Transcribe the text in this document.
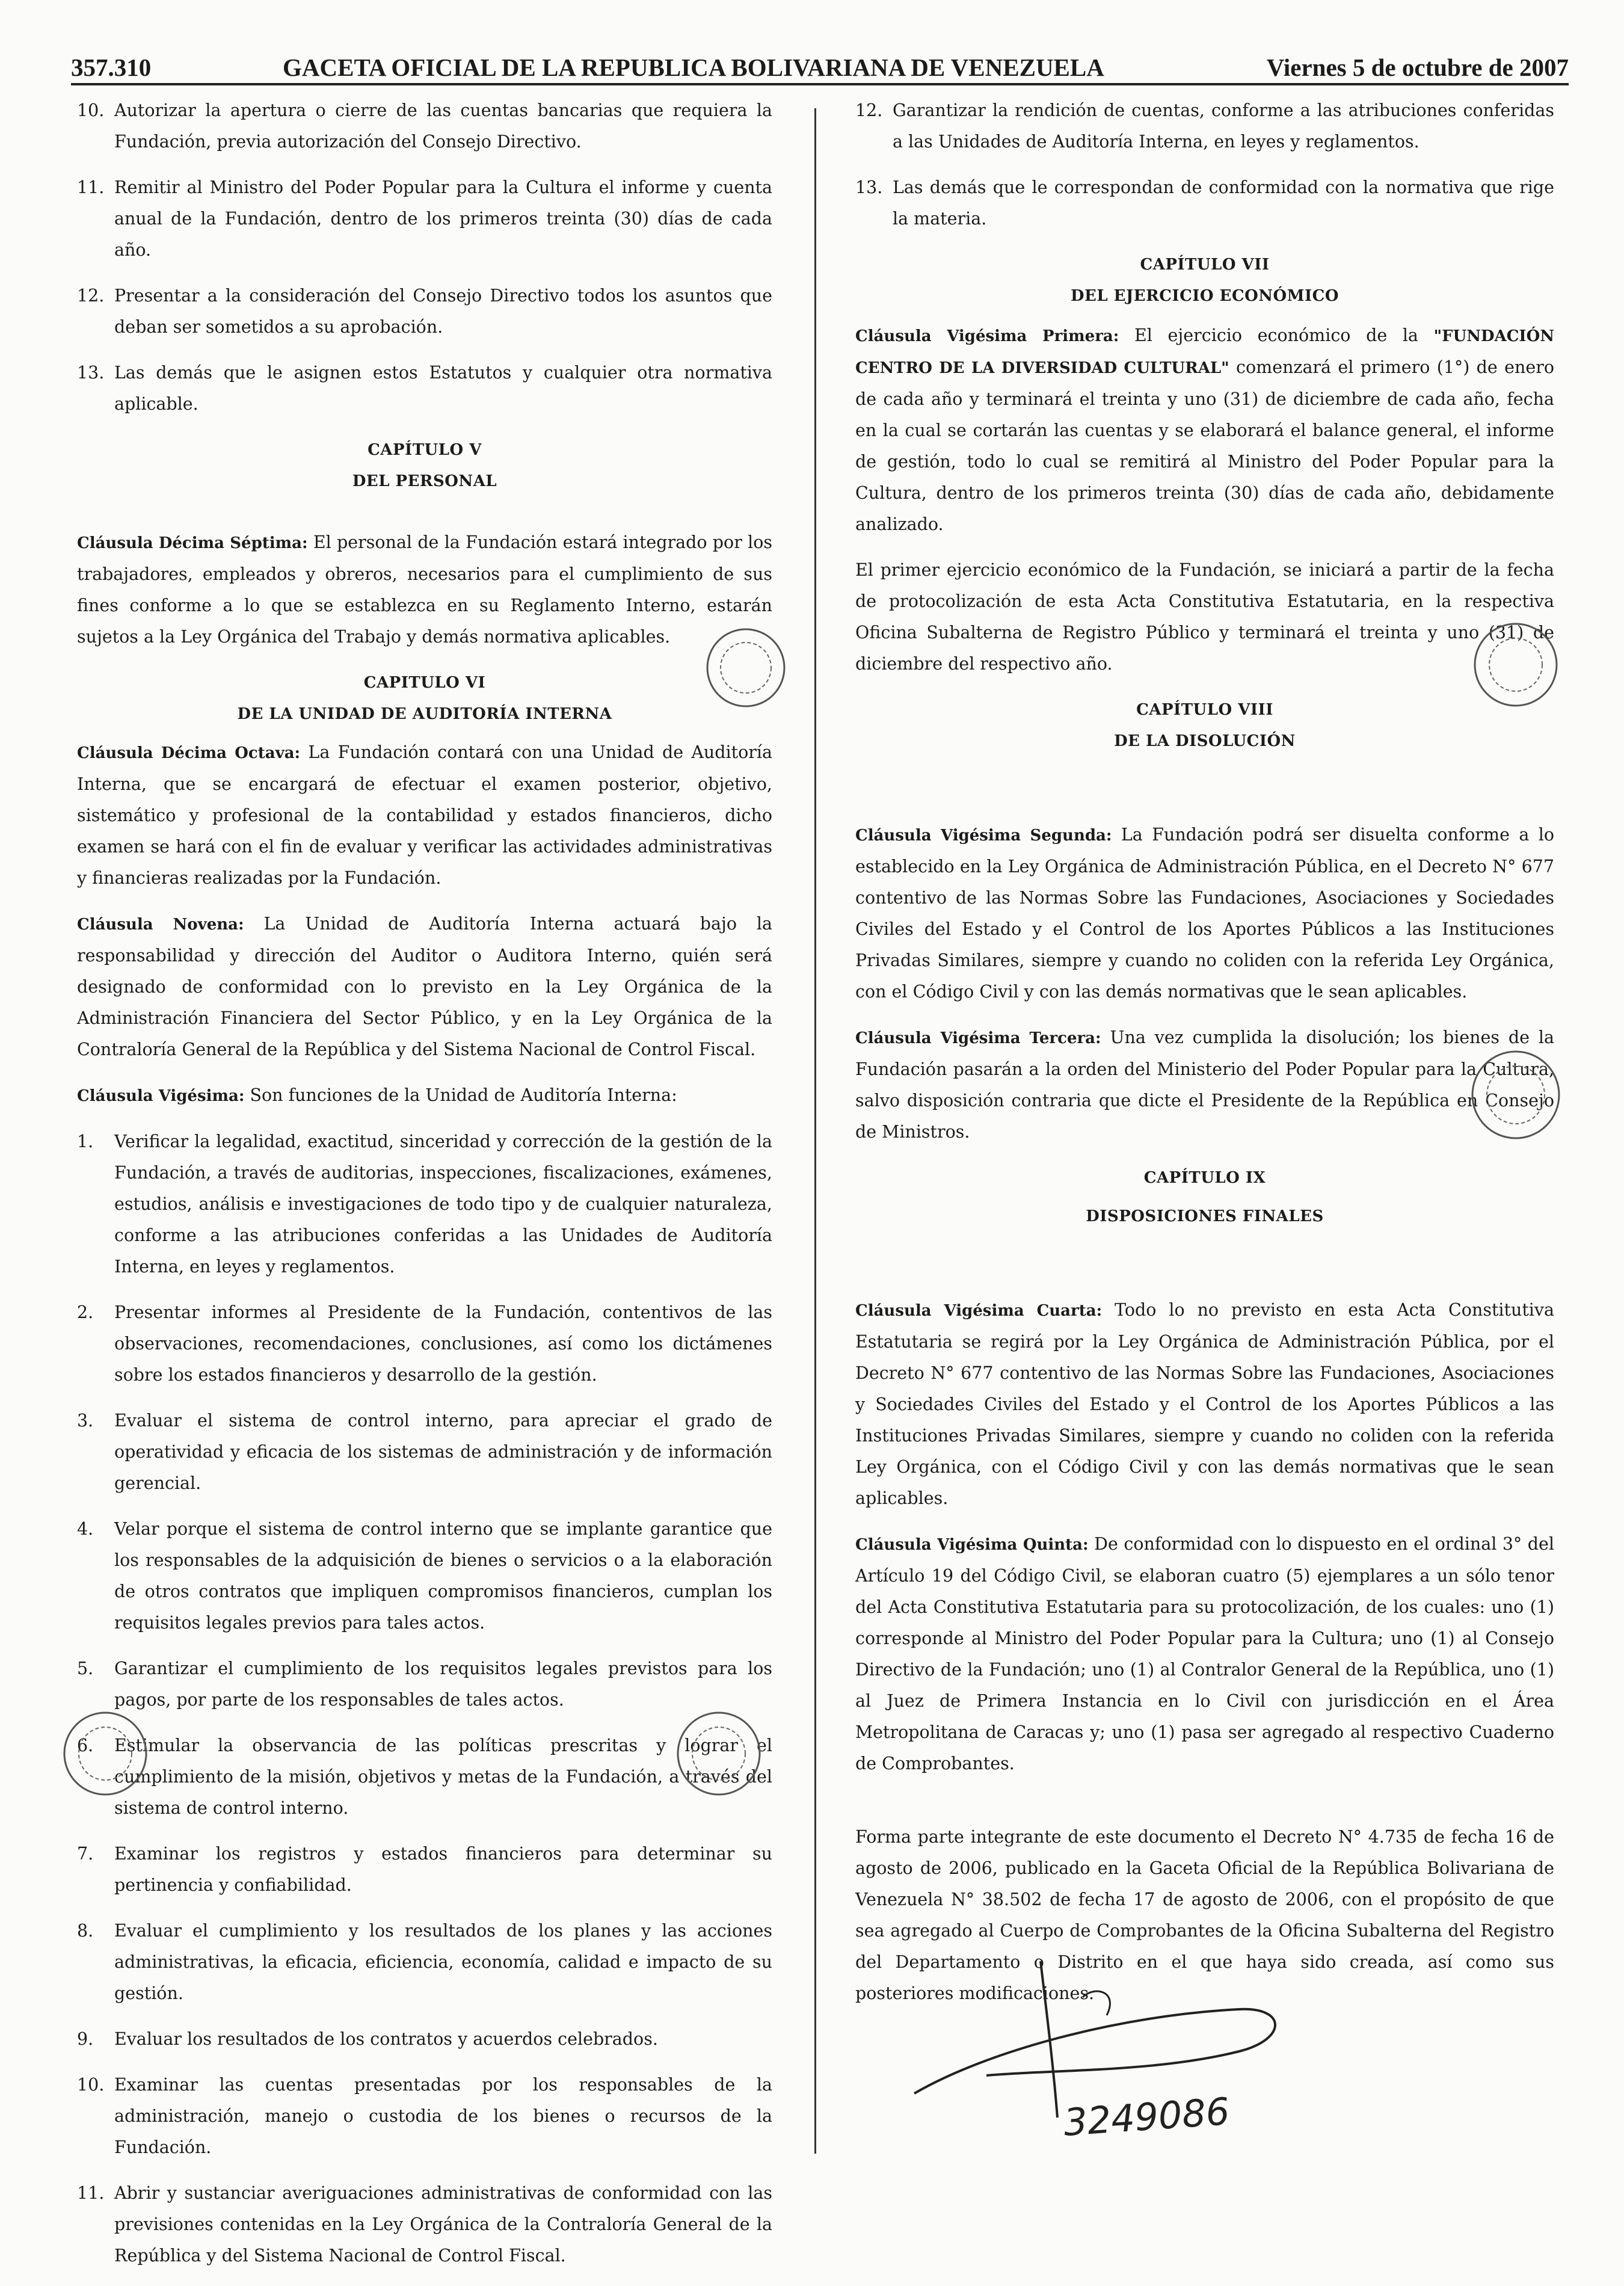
357.310	GACETA OFICIAL DE LA REPUBLICA BOLIVARIANA DE VENEZUELA	Viernes 5 de octubre de 2007
10. Autorizar la apertura o cierre de las cuentas bancarias que requiera la Fundación, previa autorización del Consejo Directivo.
11. Remitir al Ministro del Poder Popular para la Cultura el informe y cuenta anual de la Fundación, dentro de los primeros treinta (30) días de cada año.
12. Presentar a la consideración del Consejo Directivo todos los asuntos que deban ser sometidos a su aprobación.
13. Las demás que le asignen estos Estatutos y cualquier otra normativa aplicable.

CAPÍTULO V

DEL PERSONAL

Cláusula Décima Séptima: El personal de la Fundación estará integrado por los trabajadores, empleados y obreros, necesarios para el cumplimiento de sus fines conforme a lo que se establezca en su Reglamento Interno, estarán sujetos a la Ley Orgánica del Trabajo y demás normativa aplicables.

CAPITULO VI

DE LA UNIDAD DE AUDITORÍA INTERNA

Cláusula Décima Octava: La Fundación contará con una Unidad de Auditoría Interna, que se encargará de efectuar el examen posterior, objetivo, sistemático y profesional de la contabilidad y estados financieros, dicho examen se hará con el fin de evaluar y verificar las actividades administrativas y financieras realizadas por la Fundación.

Cláusula Novena: La Unidad de Auditoría Interna actuará bajo la responsabilidad y dirección del Auditor o Auditora Interno, quién será designado de conformidad con lo previsto en la Ley Orgánica de la Administración Financiera del Sector Público, y en la Ley Orgánica de la Contraloría General de la República y del Sistema Nacional de Control Fiscal.

Cláusula Vigésima: Son funciones de la Unidad de Auditoría Interna:

1. Verificar la legalidad, exactitud, sinceridad y corrección de la gestión de la Fundación, a través de auditorias, inspecciones, fiscalizaciones, exámenes, estudios, análisis e investigaciones de todo tipo y de cualquier naturaleza, conforme a las atribuciones conferidas a las Unidades de Auditoría Interna, en leyes y reglamentos.
2. Presentar informes al Presidente de la Fundación, contentivos de las observaciones, recomendaciones, conclusiones, así como los dictámenes sobre los estados financieros y desarrollo de la gestión.
3. Evaluar el sistema de control interno, para apreciar el grado de operatividad y eficacia de los sistemas de administración y de información gerencial.
4. Velar porque el sistema de control interno que se implante garantice que los responsables de la adquisición de bienes o servicios o a la elaboración de otros contratos que impliquen compromisos financieros, cumplan los requisitos legales previos para tales actos.
5. Garantizar el cumplimiento de los requisitos legales previstos para los pagos, por parte de los responsables de tales actos.
6. Estimular la observancia de las políticas prescritas y lograr el cumplimiento de la misión, objetivos y metas de la Fundación, a través del sistema de control interno.
7. Examinar los registros y estados financieros para determinar su pertinencia y confiabilidad.
8. Evaluar el cumplimiento y los resultados de los planes y las acciones administrativas, la eficacia, eficiencia, economía, calidad e impacto de su gestión.
9. Evaluar los resultados de los contratos y acuerdos celebrados.
10. Examinar las cuentas presentadas por los responsables de la administración, manejo o custodia de los bienes o recursos de la Fundación.
11. Abrir y sustanciar averiguaciones administrativas de conformidad con las previsiones contenidas en la Ley Orgánica de la Contraloría General de la República y del Sistema Nacional de Control Fiscal.
12. Garantizar la rendición de cuentas, conforme a las atribuciones conferidas a las Unidades de Auditoría Interna, en leyes y reglamentos.
13. Las demás que le correspondan de conformidad con la normativa que rige la materia.

CAPÍTULO VII

DEL EJERCICIO ECONÓMICO

Cláusula Vigésima Primera: El ejercicio económico de la "FUNDACIÓN CENTRO DE LA DIVERSIDAD CULTURAL" comenzará el primero (1°) de enero de cada año y terminará el treinta y uno (31) de diciembre de cada año, fecha en la cual se cortarán las cuentas y se elaborará el balance general, el informe de gestión, todo lo cual se remitirá al Ministro del Poder Popular para la Cultura, dentro de los primeros treinta (30) días de cada año, debidamente analizado.

El primer ejercicio económico de la Fundación, se iniciará a partir de la fecha de protocolización de esta Acta Constitutiva Estatutaria, en la respectiva Oficina Subalterna de Registro Público y terminará el treinta y uno (31) de diciembre del respectivo año.

CAPÍTULO VIII

DE LA DISOLUCIÓN

Cláusula Vigésima Segunda: La Fundación podrá ser disuelta conforme a lo establecido en la Ley Orgánica de Administración Pública, en el Decreto N° 677 contentivo de las Normas Sobre las Fundaciones, Asociaciones y Sociedades Civiles del Estado y el Control de los Aportes Públicos a las Instituciones Privadas Similares, siempre y cuando no coliden con la referida Ley Orgánica, con el Código Civil y con las demás normativas que le sean aplicables.

Cláusula Vigésima Tercera: Una vez cumplida la disolución; los bienes de la Fundación pasarán a la orden del Ministerio del Poder Popular para la Cultura, salvo disposición contraria que dicte el Presidente de la República en Consejo de Ministros.

CAPÍTULO IX

DISPOSICIONES FINALES

Cláusula Vigésima Cuarta: Todo lo no previsto en esta Acta Constitutiva Estatutaria se regirá por la Ley Orgánica de Administración Pública, por el Decreto N° 677 contentivo de las Normas Sobre las Fundaciones, Asociaciones y Sociedades Civiles del Estado y el Control de los Aportes Públicos a las Instituciones Privadas Similares, siempre y cuando no coliden con la referida Ley Orgánica, con el Código Civil y con las demás normativas que le sean aplicables.

Cláusula Vigésima Quinta: De conformidad con lo dispuesto en el ordinal 3° del Artículo 19 del Código Civil, se elaboran cuatro (5) ejemplares a un sólo tenor del Acta Constitutiva Estatutaria para su protocolización, de los cuales: uno (1) corresponde al Ministro del Poder Popular para la Cultura; uno (1) al Consejo Directivo de la Fundación; uno (1) al Contralor General de la República, uno (1) al Juez de Primera Instancia en lo Civil con jurisdicción en el Área Metropolitana de Caracas y; uno (1) pasa ser agregado al respectivo Cuaderno de Comprobantes.

Forma parte integrante de este documento el Decreto N° 4.735 de fecha 16 de agosto de 2006, publicado en la Gaceta Oficial de la República Bolivariana de Venezuela N° 38.502 de fecha 17 de agosto de 2006, con el propósito de que sea agregado al Cuerpo de Comprobantes de la Oficina Subalterna del Registro del Departamento o Distrito en el que haya sido creada, así como sus posteriores modificaciones.

3249086
